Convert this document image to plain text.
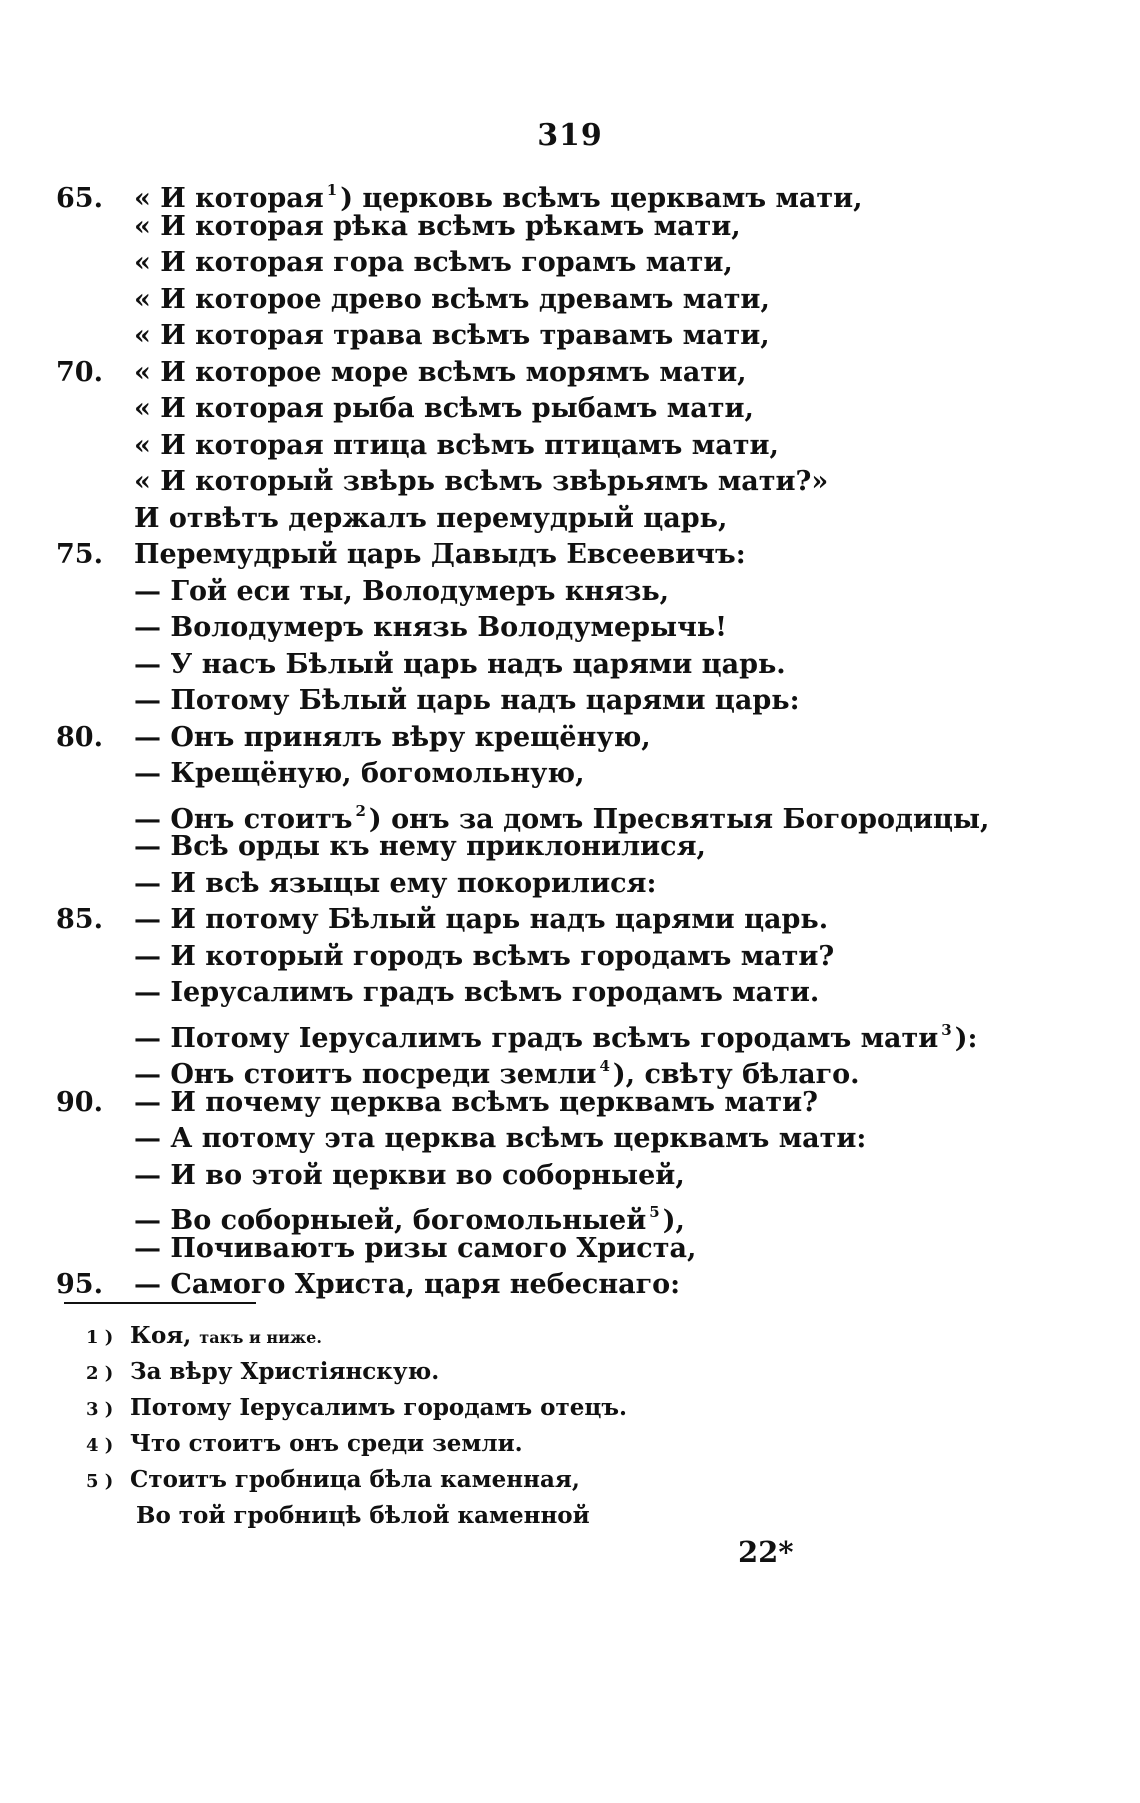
319
65. « И которая $^1$ ) церковь всѣмъ церквамъ мати,
« И которая рѣка всѣмъ рѣкамъ мати,
« И которая гора всѣмъ горамъ мати,
« И которое древо всѣмъ древамъ мати,
« И которая трава всѣмъ травамъ мати,
70. « И которое море всѣмъ морямъ мати,
« И которая рыба всѣмъ рыбамъ мати,
« И которая птица всѣмъ птицамъ мати,
« И который звѣрь всѣмъ звѣрьямъ мати?»
И отвѣтъ держалъ перемудрый царь,
75. Перемудрый царь Давыдъ Евсеевичъ:
— Гой еси ты, Володумеръ князь,
— Володумеръ князь Володумерычь!
— У насъ Бѣлый царь надъ царями царь.
— Потому Бѣлый царь надъ царями царь:
80. — Онъ принялъ вѣру крещёную,
— Крещёную, богомольную,
— Онъ стоитъ $^2$ ) онъ за домъ Пресвятыя Богородицы,
— Всѣ орды къ нему приклонилися,
— И всѣ языцы ему покорилися:
85. — И потому Бѣлый царь надъ царями царь.
— И который городъ всѣмъ городамъ мати?
— Іерусалимъ градъ всѣмъ городамъ мати.
— Потому Іерусалимъ градъ всѣмъ городамъ мати $^3$ ):
— Онъ стоитъ посреди земли $^4$ ), свѣту бѣлаго.
90. — И почему церква всѣмъ церквамъ мати?
— А потому эта церква всѣмъ церквамъ мати:
— И во этой церкви во соборныей,
— Во соборныей, богомольныей $^5$ ),
— Почиваютъ ризы самого Христа,
95. — Самого Христа, царя небеснаго:
1 ) Коя, такъ и ниже.
2 ) За вѣру Христіянскую.
3 ) Потому Іерусалимъ городамъ отецъ.
4 ) Что стоитъ онъ среди земли.
5 ) Стоитъ гробница бѣла каменная,
Во той гробницѣ бѣлой каменной
22*
